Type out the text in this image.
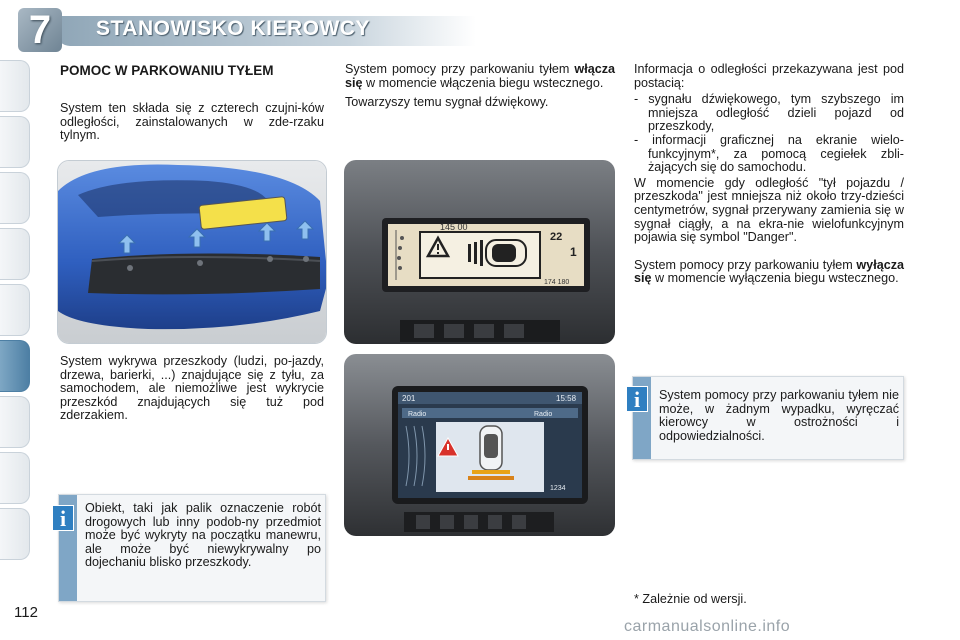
7	STANOWISKO KIEROWCY
POMOC W PARKOWANIU TYŁEM

System ten składa się z czterech czujni-ków odległości, zainstalowanych w zde-rzaku tylnym.

System wykrywa przeszkody (ludzi, po-jazdy, drzewa, barierki, ...) znajdujące się z tyłu, za samochodem, ale niemożliwe jest wykrycie przeszkód znajdujących się tuż pod zderzakiem.

Obiekt, taki jak palik oznaczenie robót drogowych lub inny podob-ny przedmiot może być wykryty na początku manewru, ale może być niewykrywalny po dojechaniu blisko przeszkody.
i

System pomocy przy parkowaniu tyłem włącza się w momencie włączenia biegu wstecznego.

Towarzyszy temu sygnał dźwiękowy.

145 00
22
1
174 180
201	15:58
Radio	Radio
1234

Informacja o odległości przekazywana jest pod postacią:

- sygnału dźwiękowego, tym szybszego im mniejsza odległość dzieli pojazd od przeszkody,
- informacji graficznej na ekranie wielo-funkcyjnym*, za pomocą cegiełek zbli-żających się do samochodu.

W momencie gdy odległość "tył pojazdu / przeszkoda" jest mniejsza niż około trzy-dzieści centymetrów, sygnał przerywany zamienia się w sygnał ciągły, a na ekra-nie wielofunkcyjnym pojawia się symbol "Danger".

System pomocy przy parkowaniu tyłem wyłącza się w momencie wyłączenia biegu wstecznego.

System pomocy przy parkowaniu tyłem nie może, w żadnym wypadku, wyręczać kierowcy w ostrożności i odpowiedzialności.
i
* Zależnie od wersji.
112
carmanualsonline.info
